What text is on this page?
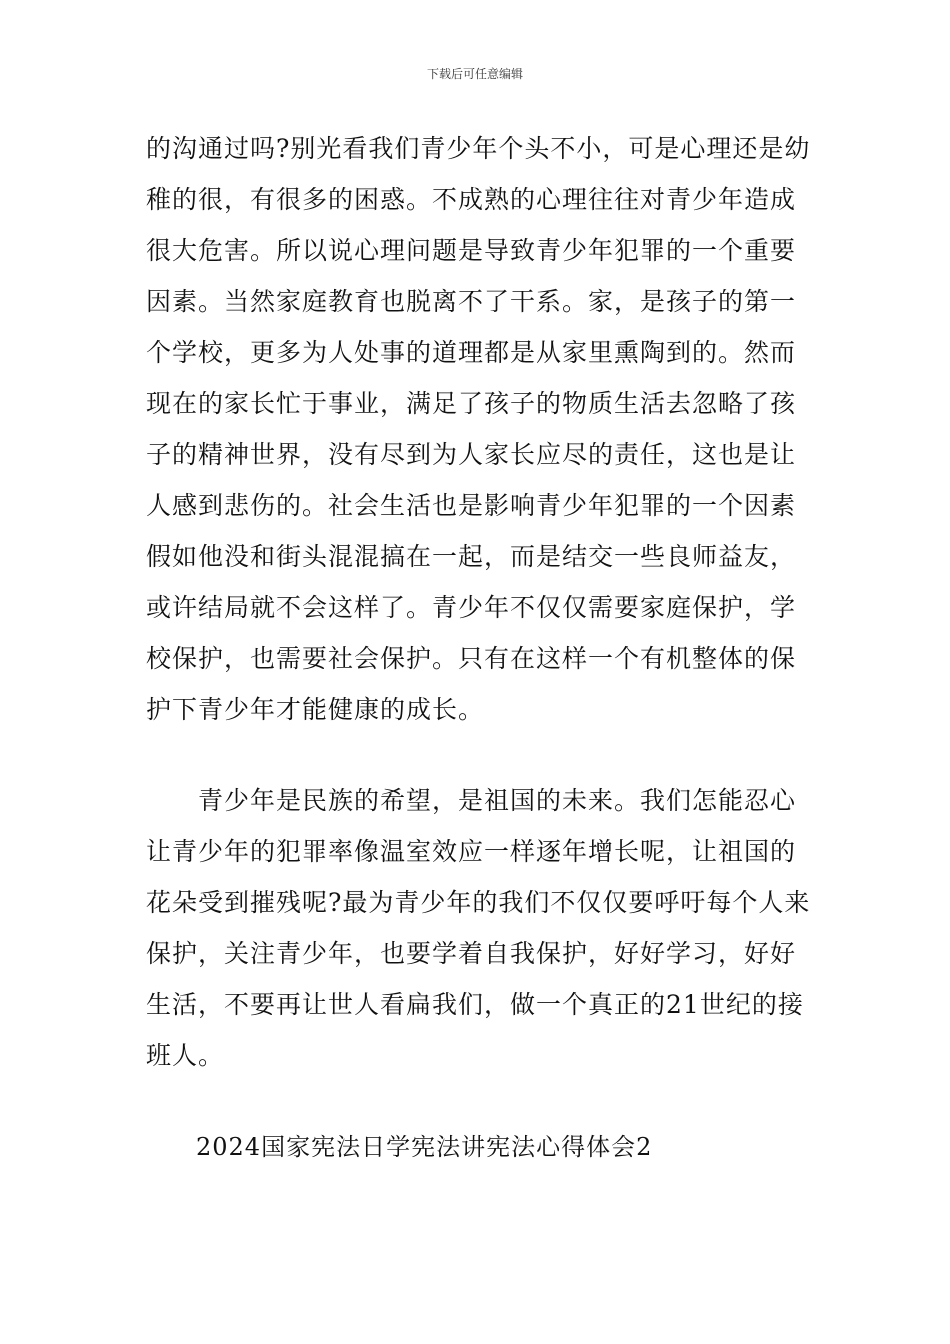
下载后可任意编辑
的沟通过吗?别光看我们青少年个头不小，可是心理还是幼
稚的很，有很多的困惑。不成熟的心理往往对青少年造成
很大危害。所以说心理问题是导致青少年犯罪的一个重要
因素。当然家庭教育也脱离不了干系。家，是孩子的第一
个学校，更多为人处事的道理都是从家里熏陶到的。然而
现在的家长忙于事业，满足了孩子的物质生活去忽略了孩
子的精神世界，没有尽到为人家长应尽的责任，这也是让
人感到悲伤的。社会生活也是影响青少年犯罪的一个因素
假如他没和街头混混搞在一起，而是结交一些良师益友，
或许结局就不会这样了。青少年不仅仅需要家庭保护，学
校保护，也需要社会保护。只有在这样一个有机整体的保
护下青少年才能健康的成长。
青少年是民族的希望，是祖国的未来。我们怎能忍心
让青少年的犯罪率像温室效应一样逐年增长呢，让祖国的
花朵受到摧残呢?最为青少年的我们不仅仅要呼吁每个人来
保护，关注青少年，也要学着自我保护，好好学习，好好
生活，不要再让世人看扁我们，做一个真正的21世纪的接
班人。
2024国家宪法日学宪法讲宪法心得体会2
